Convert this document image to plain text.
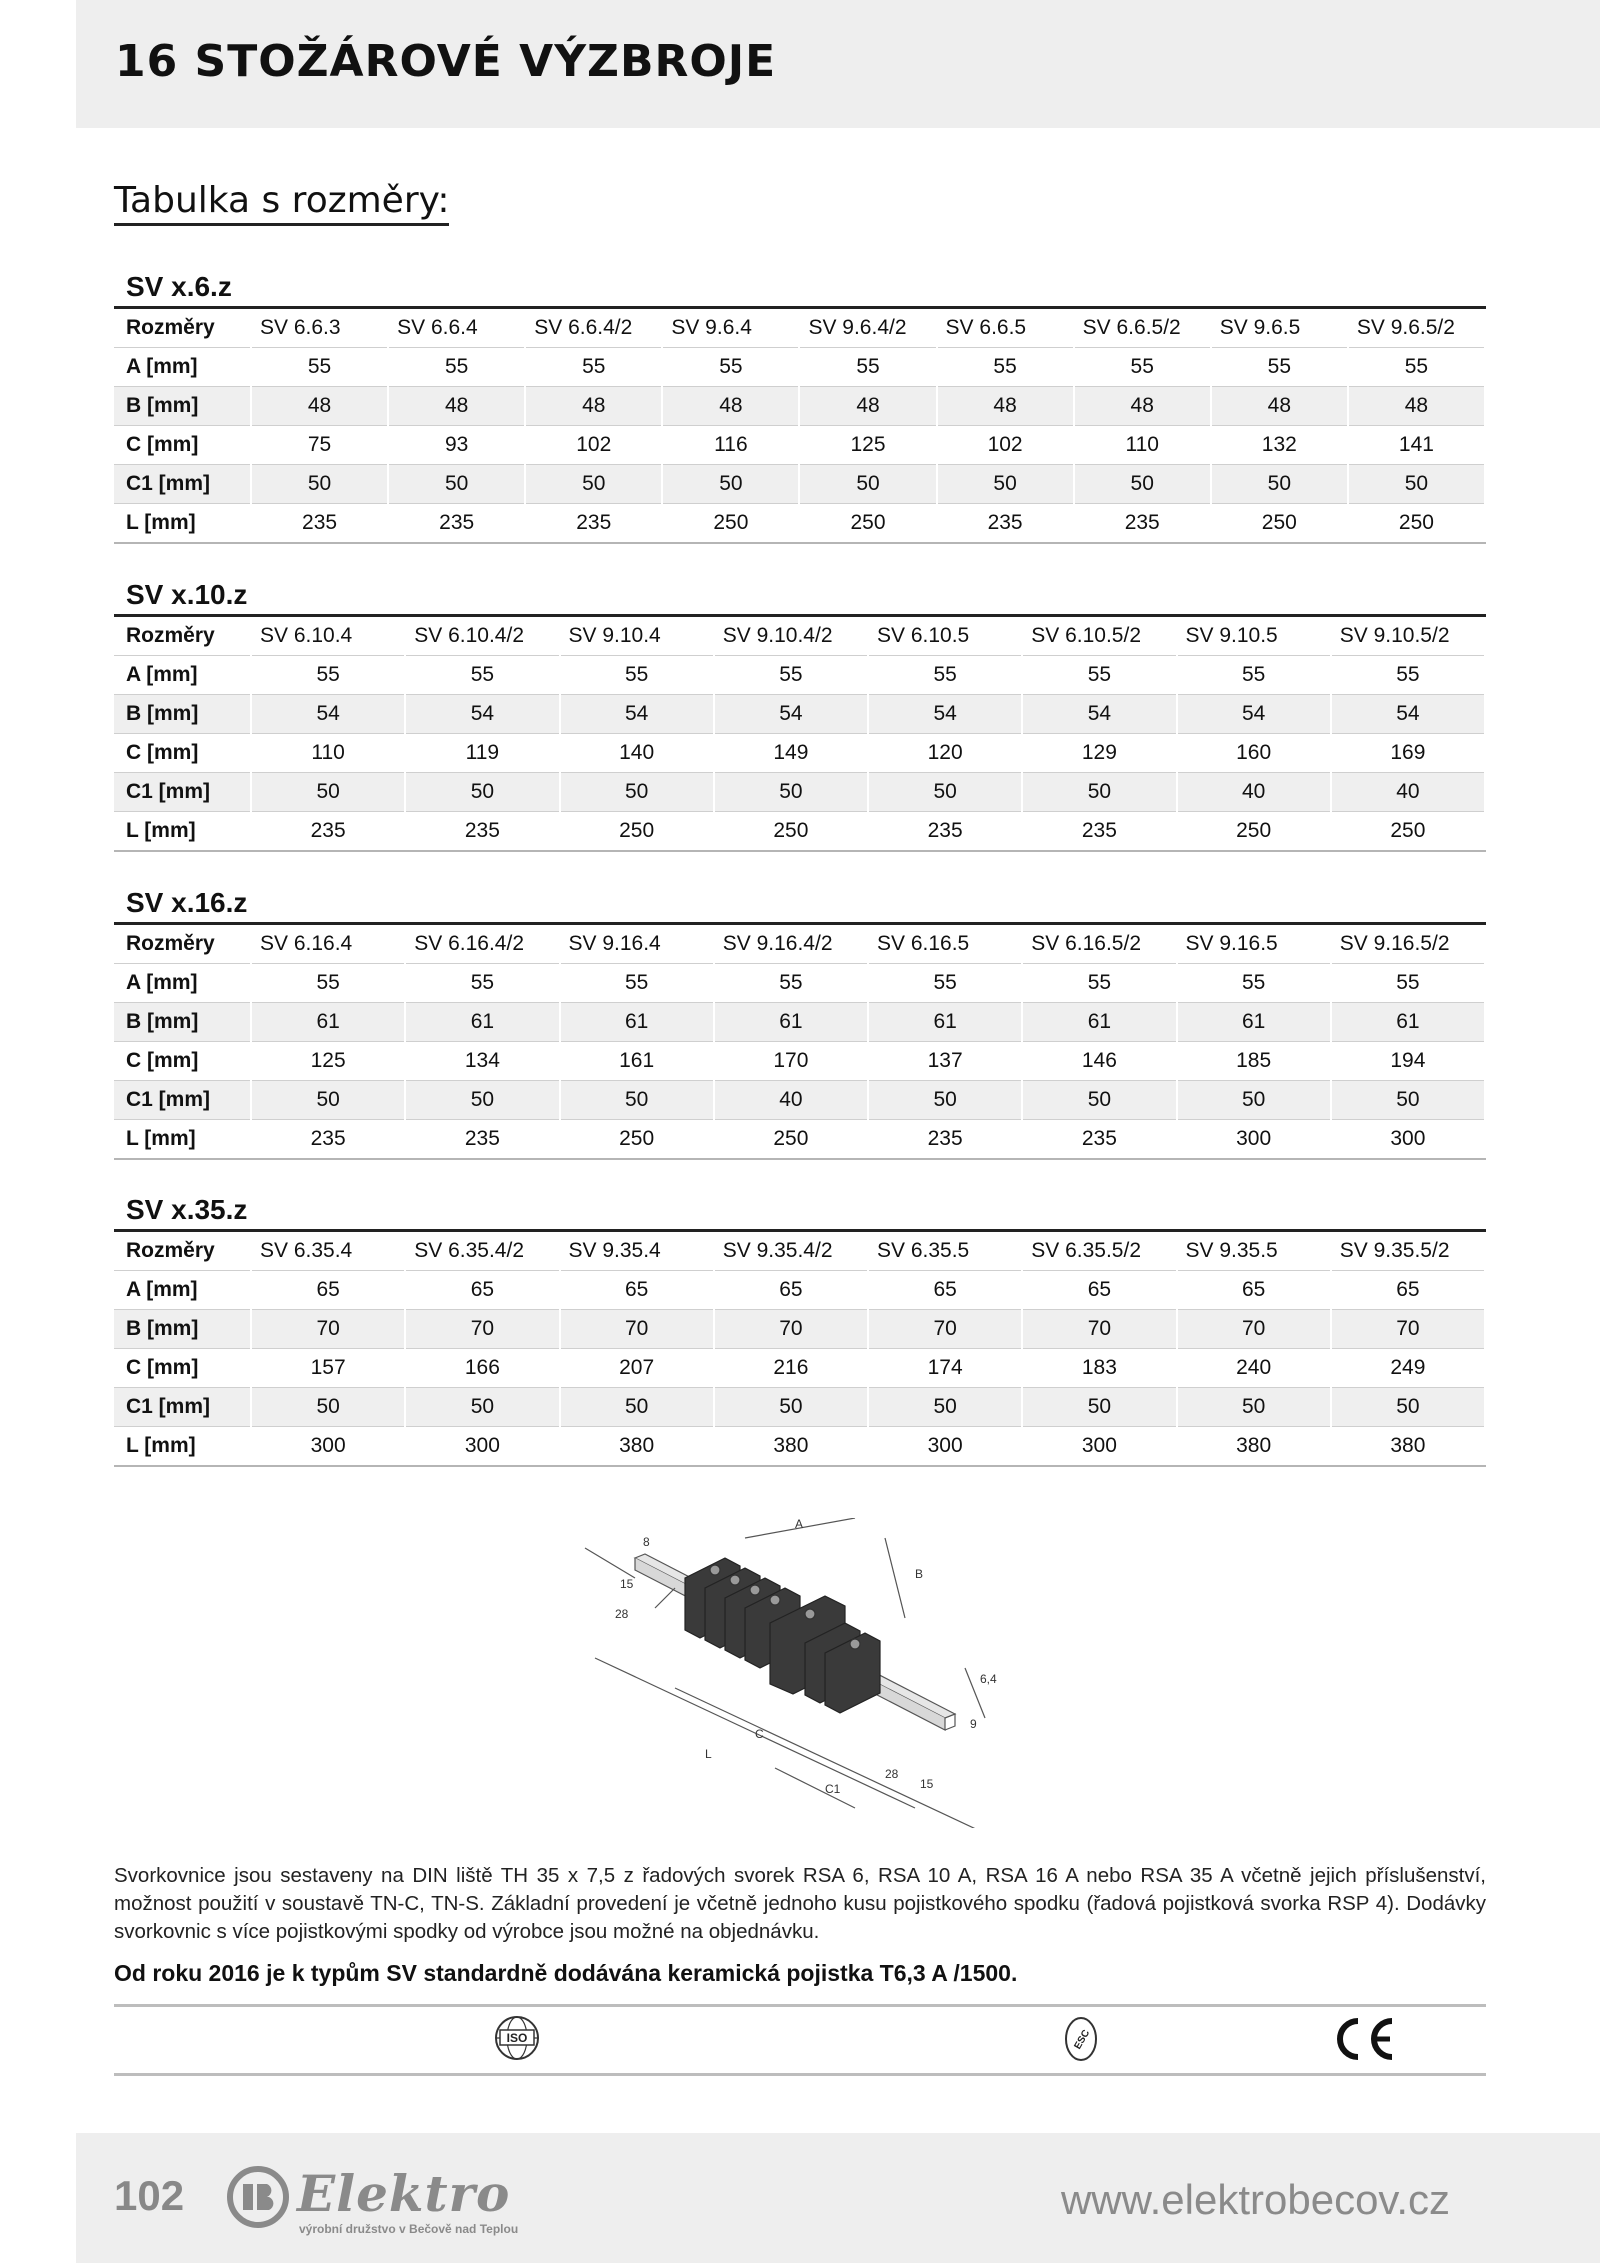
16 STOŽÁROVÉ VÝZBROJE
Tabulka s rozměry:
SV x.6.z
Rozměry	SV 6.6.3	SV 6.6.4	SV 6.6.4/2	SV 9.6.4	SV 9.6.4/2	SV 6.6.5	SV 6.6.5/2	SV 9.6.5	SV 9.6.5/2
A [mm]	55	55	55	55	55	55	55	55	55
B [mm]	48	48	48	48	48	48	48	48	48
C [mm]	75	93	102	116	125	102	110	132	141
C1 [mm]	50	50	50	50	50	50	50	50	50
L [mm]	235	235	235	250	250	235	235	250	250
SV x.10.z
Rozměry	SV 6.10.4	SV 6.10.4/2	SV 9.10.4	SV 9.10.4/2	SV 6.10.5	SV 6.10.5/2	SV 9.10.5	SV 9.10.5/2
A [mm]	55	55	55	55	55	55	55	55
B [mm]	54	54	54	54	54	54	54	54
C [mm]	110	119	140	149	120	129	160	169
C1 [mm]	50	50	50	50	50	50	40	40
L [mm]	235	235	250	250	235	235	250	250
SV x.16.z
Rozměry	SV 6.16.4	SV 6.16.4/2	SV 9.16.4	SV 9.16.4/2	SV 6.16.5	SV 6.16.5/2	SV 9.16.5	SV 9.16.5/2
A [mm]	55	55	55	55	55	55	55	55
B [mm]	61	61	61	61	61	61	61	61
C [mm]	125	134	161	170	137	146	185	194
C1 [mm]	50	50	50	40	50	50	50	50
L [mm]	235	235	250	250	235	235	300	300
SV x.35.z
Rozměry	SV 6.35.4	SV 6.35.4/2	SV 9.35.4	SV 9.35.4/2	SV 6.35.5	SV 6.35.5/2	SV 9.35.5	SV 9.35.5/2
A [mm]	65	65	65	65	65	65	65	65
B [mm]	70	70	70	70	70	70	70	70
C [mm]	157	166	207	216	174	183	240	249
C1 [mm]	50	50	50	50	50	50	50	50
L [mm]	300	300	380	380	300	300	380	380
A
B
C
C1
L
8
15
28
28
15
6,4
9
Svorkovnice jsou sestaveny na DIN liště TH 35 x 7,5 z řadových svorek RSA 6, RSA 10 A, RSA 16 A nebo RSA 35 A včetně jejich příslušenství, možnost použití v soustavě TN-C, TN-S. Základní provedení je včetně jednoho kusu pojistkového spodku (řadová pojistková svorka RSP 4). Dodávky svorkovnic s více pojistkovými spodky od výrobce jsou možné na objednávku.
Od roku 2016 je k typům SV standardně dodávána keramická pojistka T6,3 A /1500.
ISO	ESC
102 Elektro
výrobní družstvo v Bečově nad Teplou
www.elektrobecov.cz
